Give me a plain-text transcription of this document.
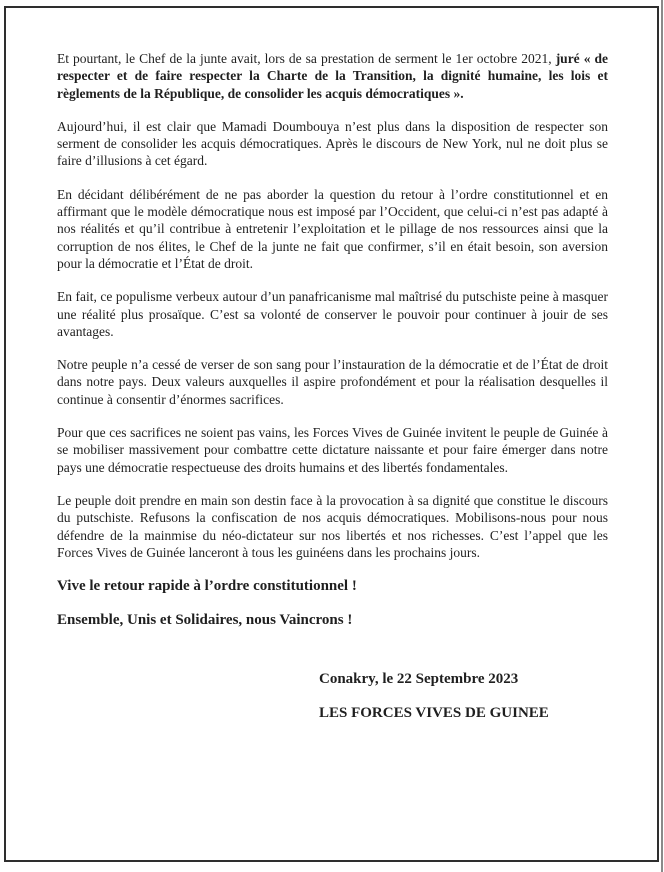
Et pourtant, le Chef de la junte avait, lors de sa prestation de serment le 1er octobre 2021, juré « de respecter et de faire respecter la Charte de la Transition, la dignité humaine, les lois et règlements de la République, de consolider les acquis démocratiques ».

Aujourd’hui, il est clair que Mamadi Doumbouya n’est plus dans la disposition de respecter son serment de consolider les acquis démocratiques. Après le discours de New York, nul ne doit plus se faire d’illusions à cet égard.

En décidant délibérément de ne pas aborder la question du retour à l’ordre constitutionnel et en affirmant que le modèle démocratique nous est imposé par l’Occident, que celui-ci n’est pas adapté à nos réalités et qu’il contribue à entretenir l’exploitation et le pillage de nos ressources ainsi que la corruption de nos élites, le Chef de la junte ne fait que confirmer, s’il en était besoin, son aversion pour la démocratie et l’État de droit.

En fait, ce populisme verbeux autour d’un panafricanisme mal maîtrisé du putschiste peine à masquer une réalité plus prosaïque. C’est sa volonté de conserver le pouvoir pour continuer à jouir de ses avantages.

Notre peuple n’a cessé de verser de son sang pour l’instauration de la démocratie et de l’État de droit dans notre pays. Deux valeurs auxquelles il aspire profondément et pour la réalisation desquelles il continue à consentir d’énormes sacrifices.

Pour que ces sacrifices ne soient pas vains, les Forces Vives de Guinée invitent le peuple de Guinée à se mobiliser massivement pour combattre cette dictature naissante et pour faire émerger dans notre pays une démocratie respectueuse des droits humains et des libertés fondamentales.

Le peuple doit prendre en main son destin face à la provocation à sa dignité que constitue le discours du putschiste. Refusons la confiscation de nos acquis démocratiques. Mobilisons-nous pour nous défendre de la mainmise du néo-dictateur sur nos libertés et nos richesses. C’est l’appel que les Forces Vives de Guinée lanceront à tous les guinéens dans les prochains jours.

Vive le retour rapide à l’ordre constitutionnel !

Ensemble, Unis et Solidaires, nous Vaincrons !

Conakry, le 22 Septembre 2023

LES FORCES VIVES DE GUINEE
